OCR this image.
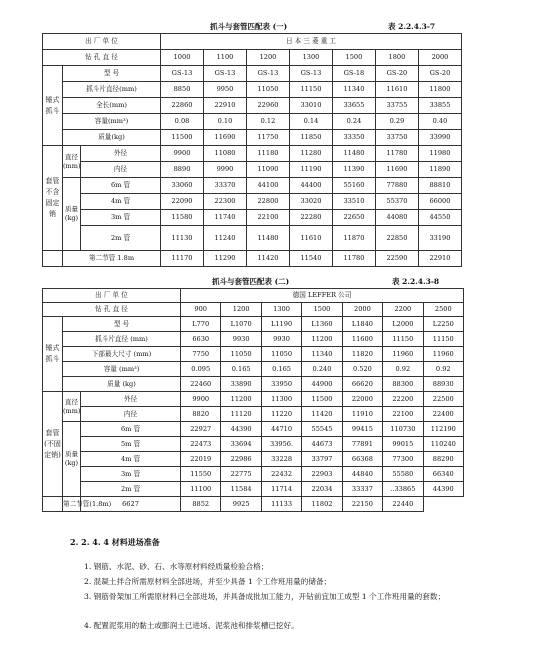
抓斗与套管匹配表 (一)	表 2.2.4.3-7
出 厂 单 位			日 本 三 菱 重 工						
钻 孔 直 径			1000	1100	1200	1300	1500	1800	2000
锤式抓斗	型 号		GS-13	GS-13	GS-13	GS-13	GS-18	GS-20	GS-20
	抓斗片直径(mm)		8850	9950	11050	11150	11340	11610	11800
	全长(mm)		22860	22910	22960	33010	33655	33755	33855
	容量(mm³)		0.08	0.10	0.12	0.14	0.24	0.29	0.40
	质量(kg)		11500	11690	11750	11850	33350	33750	33990
套管不含固定销	直径
(mm)	外径	9900	11080	11180	11280	11480	11780	11980
		内径	8890	9990	11090	11190	11390	11690	11890
	质量
(kg)	6m 管	33060	33370	44100	44400	55160	77880	88810
		4m 管	22090	22300	22800	33020	33510	55370	66000
		3m 管	11580	11740	22100	22280	22650	44080	44550
		2m 管	11130	11240	11480	11610	11870	22850	33190
	第二节管 1.8m		11170	11290	11420	11540	11780	22590	22910
抓斗与套管匹配表 (二)	表 2.2.4.3-8
出 厂 单 位			德国 LEFFER 公司						
钻 孔 直 径			900	1200	1300	1500	2000	2200	2500
锤式抓斗	型 号		L770	L1070	L1190	L1360	L1840	L2000	L2250
	抓斗片直径 (mm)		6630	9930	9930	11200	11600	11150	11150
	下部最大尺寸 (mm)		7750	11050	11050	11340	11820	11960	11960
	容量 (mm³)		0.095	0.165	0.165	0.240	0.520	0.92	0.92
	质量 (kg)		22460	33890	33950	44900	66620	88300	88930
套管(不固定销)	直径
(mm)	外径	9900	11200	11300	11500	22000	22200	22500
		内径	8820	11120	11220	11420	11910	22100	22400
	质量
(kg)	6m 管	22927	44390	44710	55545	99415	110730	112190
		5m 管	22473	33694	33956.	44673	77891	99015	110240
		4m 管	22019	22986	33228	33797	66368	77300	88290
		3m 管	11550	22775	22432	22903	44840	55580	66340
		2m 管	11100	11584	11714	22034	33337	..33865	44390
	第二节管(1.8m)	6627	8852	9925	11133	11802	22150	22440	
2. 2. 4. 4 材料进场准备
1. 钢筋、水泥、砂、石、水等原材料经质量检验合格；
2. 混凝土拌合所需原材料全部进场，并至少具备 1 个工作班用量的储备；
3. 钢筋骨架加工所需原材料已全部进场，并具备成批加工能力，开钻前宜加工成型 1 个工作班用量的套数；
4. 配置泥浆用的黏土或膨润土已进场、泥浆池和排浆槽已挖好。
